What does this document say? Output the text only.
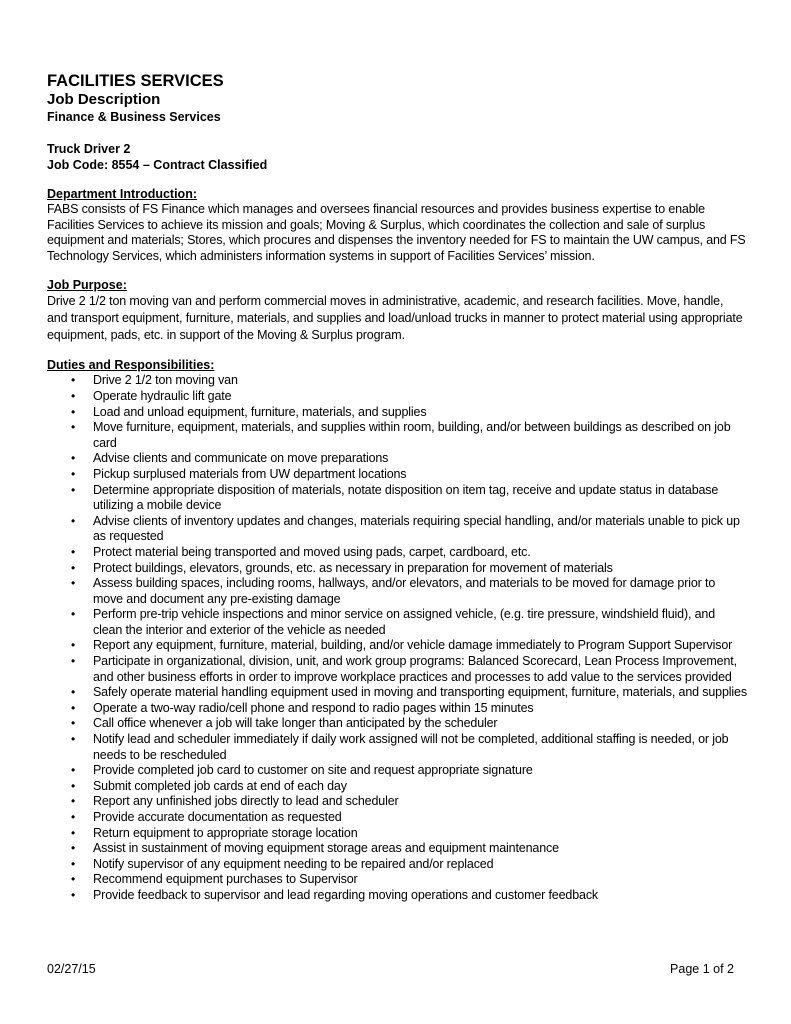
FACILITIES SERVICES

Job Description

Finance & Business Services

Truck Driver 2

Job Code: 8554 – Contract Classified

Department Introduction:

FABS consists of FS Finance which manages and oversees financial resources and provides business expertise to enable Facilities Services to achieve its mission and goals; Moving & Surplus, which coordinates the collection and sale of surplus equipment and materials; Stores, which procures and dispenses the inventory needed for FS to maintain the UW campus, and FS Technology Services, which administers information systems in support of Facilities Services’ mission.

Job Purpose:

Drive 2 1/2 ton moving van and perform commercial moves in administrative, academic, and research facilities. Move, handle, and transport equipment, furniture, materials, and supplies and load/unload trucks in manner to protect material using appropriate equipment, pads, etc. in support of the Moving & Surplus program.

Duties and Responsibilities:

• Drive 2 1/2 ton moving van
• Operate hydraulic lift gate
• Load and unload equipment, furniture, materials, and supplies
• Move furniture, equipment, materials, and supplies within room, building, and/or between buildings as described on job card
• Advise clients and communicate on move preparations
• Pickup surplused materials from UW department locations
• Determine appropriate disposition of materials, notate disposition on item tag, receive and update status in database utilizing a mobile device
• Advise clients of inventory updates and changes, materials requiring special handling, and/or materials unable to pick up as requested
• Protect material being transported and moved using pads, carpet, cardboard, etc.
• Protect buildings, elevators, grounds, etc. as necessary in preparation for movement of materials
• Assess building spaces, including rooms, hallways, and/or elevators, and materials to be moved for damage prior to move and document any pre-existing damage
• Perform pre-trip vehicle inspections and minor service on assigned vehicle, (e.g. tire pressure, windshield fluid), and clean the interior and exterior of the vehicle as needed
• Report any equipment, furniture, material, building, and/or vehicle damage immediately to Program Support Supervisor
• Participate in organizational, division, unit, and work group programs: Balanced Scorecard, Lean Process Improvement, and other business efforts in order to improve workplace practices and processes to add value to the services provided
• Safely operate material handling equipment used in moving and transporting equipment, furniture, materials, and supplies
• Operate a two-way radio/cell phone and respond to radio pages within 15 minutes
• Call office whenever a job will take longer than anticipated by the scheduler
• Notify lead and scheduler immediately if daily work assigned will not be completed, additional staffing is needed, or job needs to be rescheduled
• Provide completed job card to customer on site and request appropriate signature
• Submit completed job cards at end of each day
• Report any unfinished jobs directly to lead and scheduler
• Provide accurate documentation as requested
• Return equipment to appropriate storage location
• Assist in sustainment of moving equipment storage areas and equipment maintenance
• Notify supervisor of any equipment needing to be repaired and/or replaced
• Recommend equipment purchases to Supervisor
• Provide feedback to supervisor and lead regarding moving operations and customer feedback
02/27/15	Page 1 of 2
